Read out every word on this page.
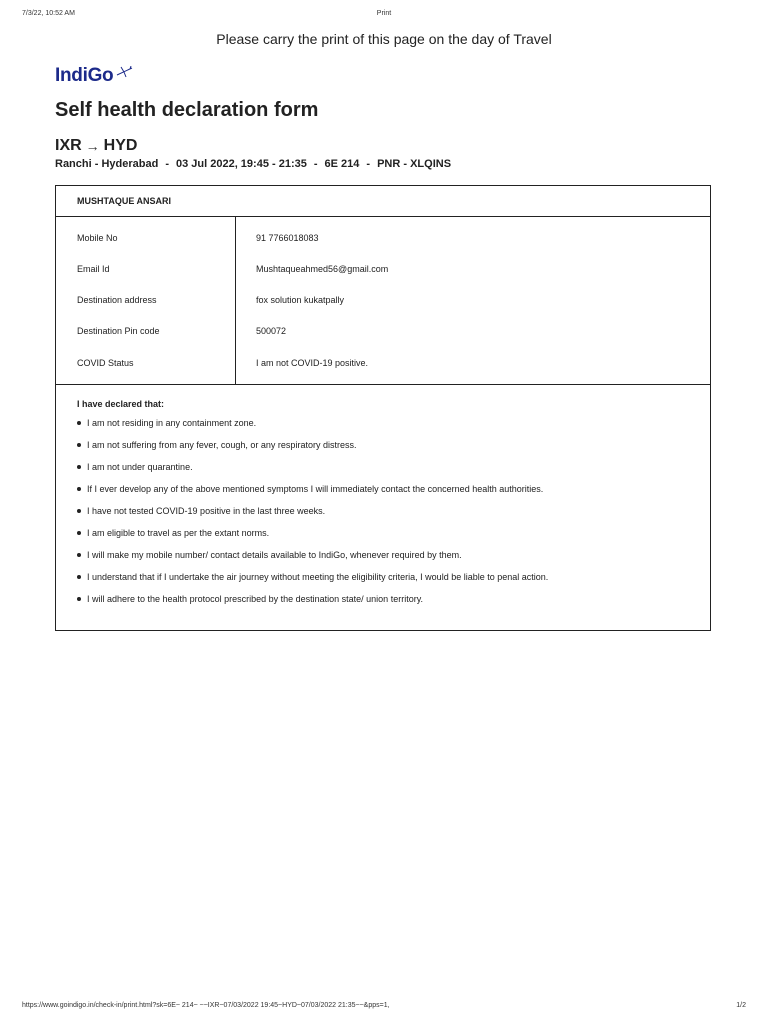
7/3/22, 10:52 AM	Print
Please carry the print of this page on the day of Travel
IndiGo
Self health declaration form
IXR → HYD
Ranchi - Hyderabad - 03 Jul 2022, 19:45 - 21:35 - 6E 214 - PNR - XLQINS
MUSHTAQUE ANSARI
Mobile No	91 7766018083
Email Id	Mushtaqueahmed56@gmail.com
Destination address	fox solution kukatpally
Destination Pin code	500072
COVID Status	I am not COVID-19 positive.
I have declared that:
I am not residing in any containment zone.
I am not suffering from any fever, cough, or any respiratory distress.
I am not under quarantine.
If I ever develop any of the above mentioned symptoms I will immediately contact the concerned health authorities.
I have not tested COVID-19 positive in the last three weeks.
I am eligible to travel as per the extant norms.
I will make my mobile number/ contact details available to IndiGo, whenever required by them.
I understand that if I undertake the air journey without meeting the eligibility criteria, I would be liable to penal action.
I will adhere to the health protocol prescribed by the destination state/ union territory.
https://www.goindigo.in/check-in/print.html?sk=6E~ 214~ ~~IXR~07/03/2022 19:45~HYD~07/03/2022 21:35~~&pps=1,	1/2
